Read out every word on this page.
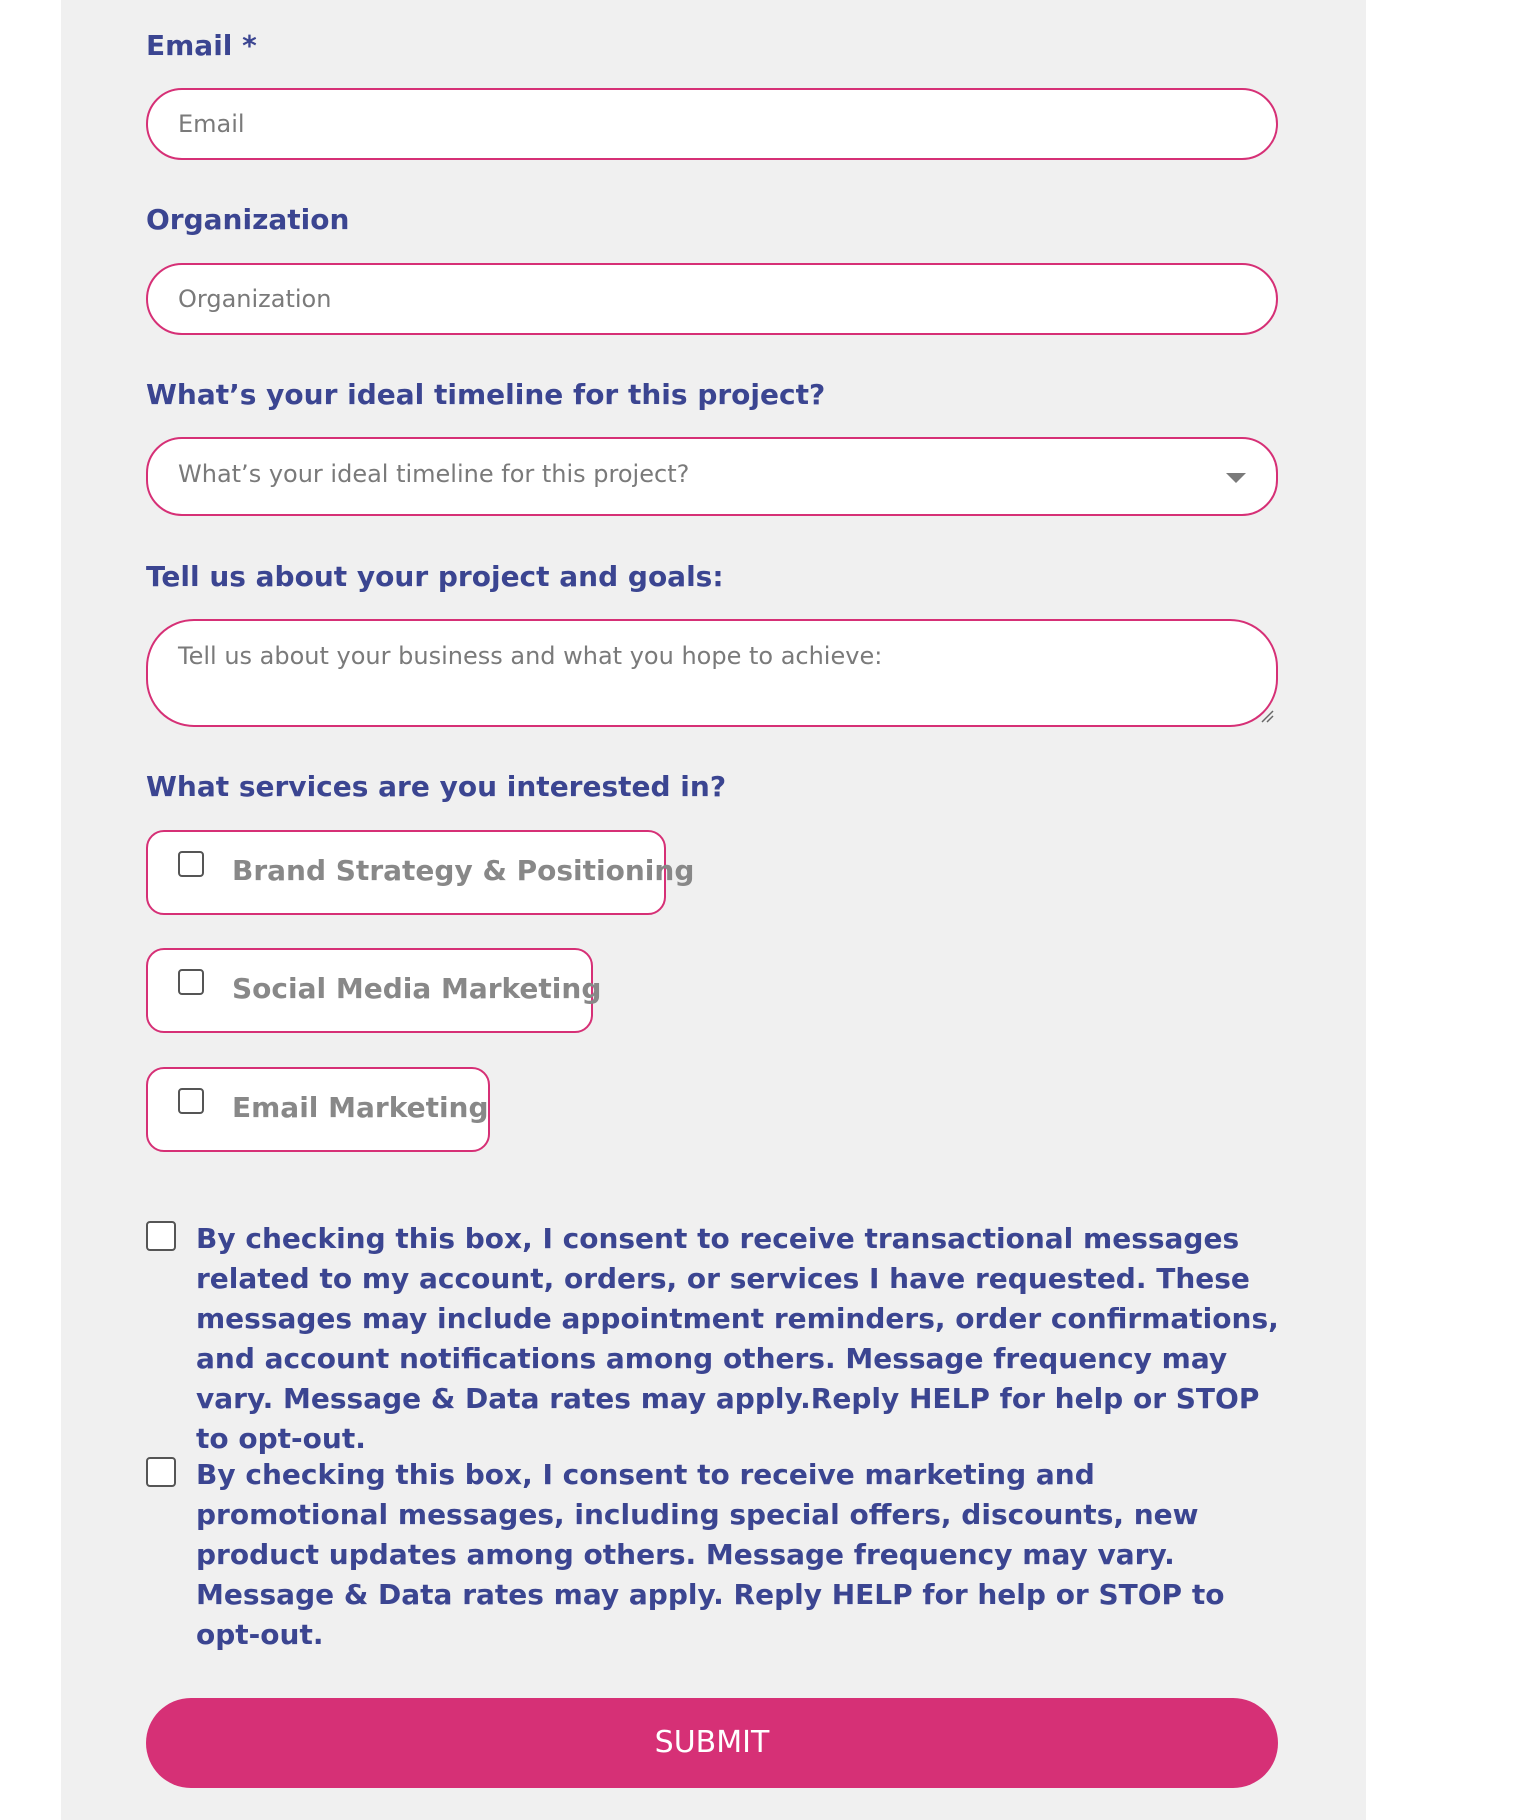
Email *
Email
Organization
Organization
What’s your ideal timeline for this project?
What’s your ideal timeline for this project?
Tell us about your project and goals:
Tell us about your business and what you hope to achieve:
What services are you interested in?
Brand Strategy & Positioning
Social Media Marketing
Email Marketing
By checking this box, I consent to receive transactional messages related to my account, orders, or services I have requested. These messages may include appointment reminders, order confirmations, and account notifications among others. Message frequency may vary. Message & Data rates may apply.Reply HELP for help or STOP to opt-out.
By checking this box, I consent to receive marketing and promotional messages, including special offers, discounts, new product updates among others. Message frequency may vary. Message & Data rates may apply. Reply HELP for help or STOP to opt-out.
SUBMIT
